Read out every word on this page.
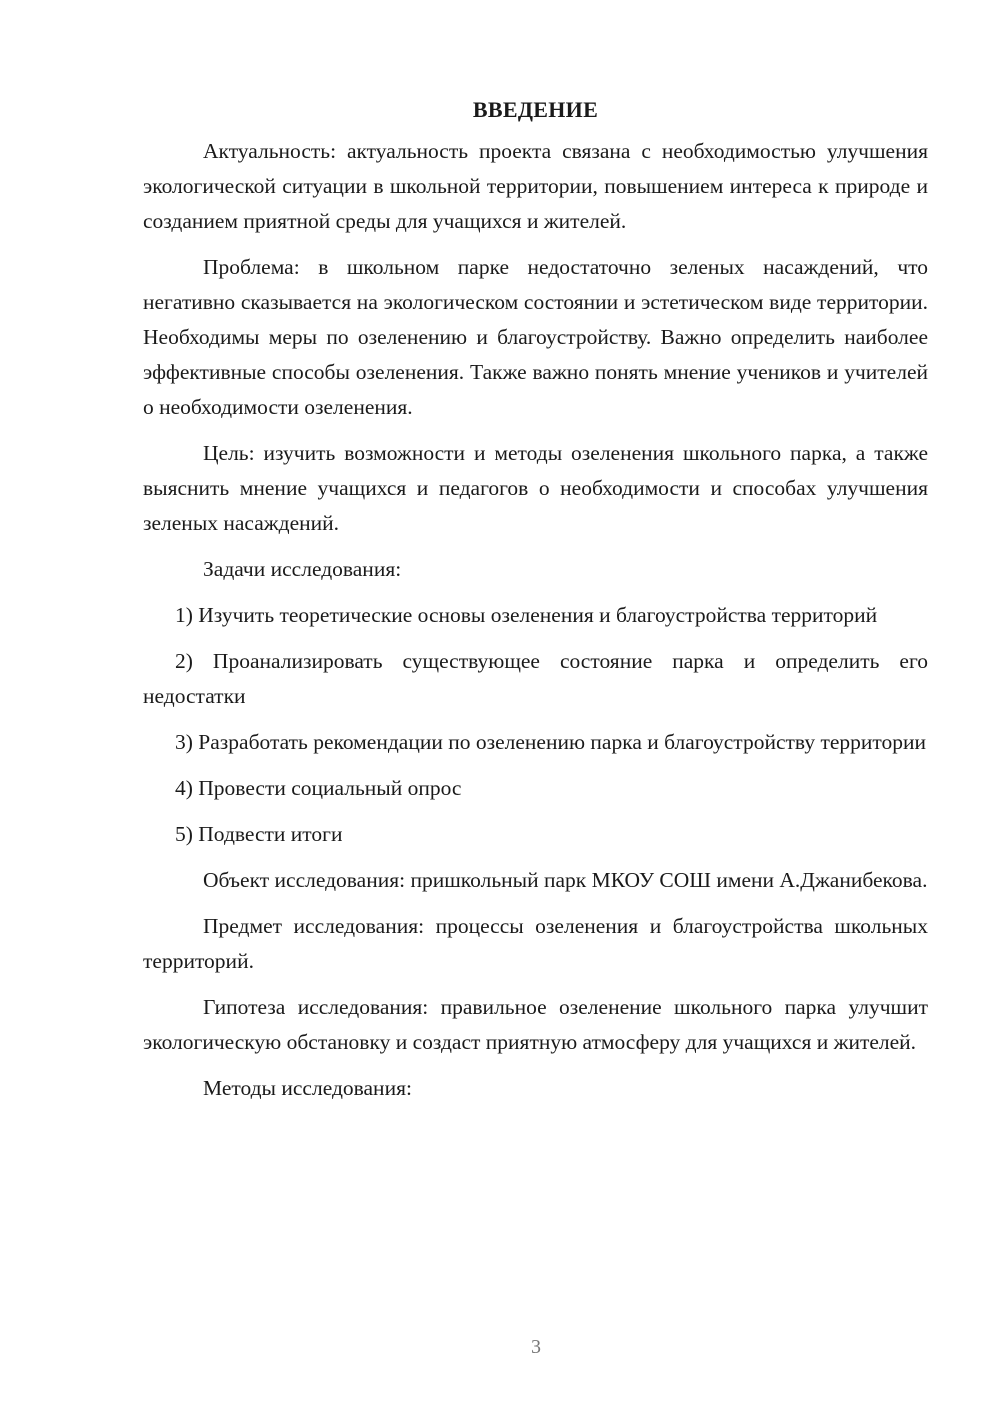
ВВЕДЕНИЕ

Актуальность: актуальность проекта связана с необходимостью улучшения экологической ситуации в школьной территории, повышением интереса к природе и созданием приятной среды для учащихся и жителей.

Проблема: в школьном парке недостаточно зеленых насаждений, что негативно сказывается на экологическом состоянии и эстетическом виде территории. Необходимы меры по озеленению и благоустройству. Важно определить наиболее эффективные способы озеленения. Также важно понять мнение учеников и учителей о необходимости озеленения.

Цель: изучить возможности и методы озеленения школьного парка, а также выяснить мнение учащихся и педагогов о необходимости и способах улучшения зеленых насаждений.

Задачи исследования:

1) Изучить теоретические основы озеленения и благоустройства территорий

2) Проанализировать существующее состояние парка и определить его недостатки

3) Разработать рекомендации по озеленению парка и благоустройству территории

4) Провести социальный опрос

5) Подвести итоги

Объект исследования: пришкольный парк МКОУ СОШ имени А.Джанибекова.

Предмет исследования: процессы озеленения и благоустройства школьных территорий.

Гипотеза исследования: правильное озеленение школьного парка улучшит экологическую обстановку и создаст приятную атмосферу для учащихся и жителей.

Методы исследования:

3
